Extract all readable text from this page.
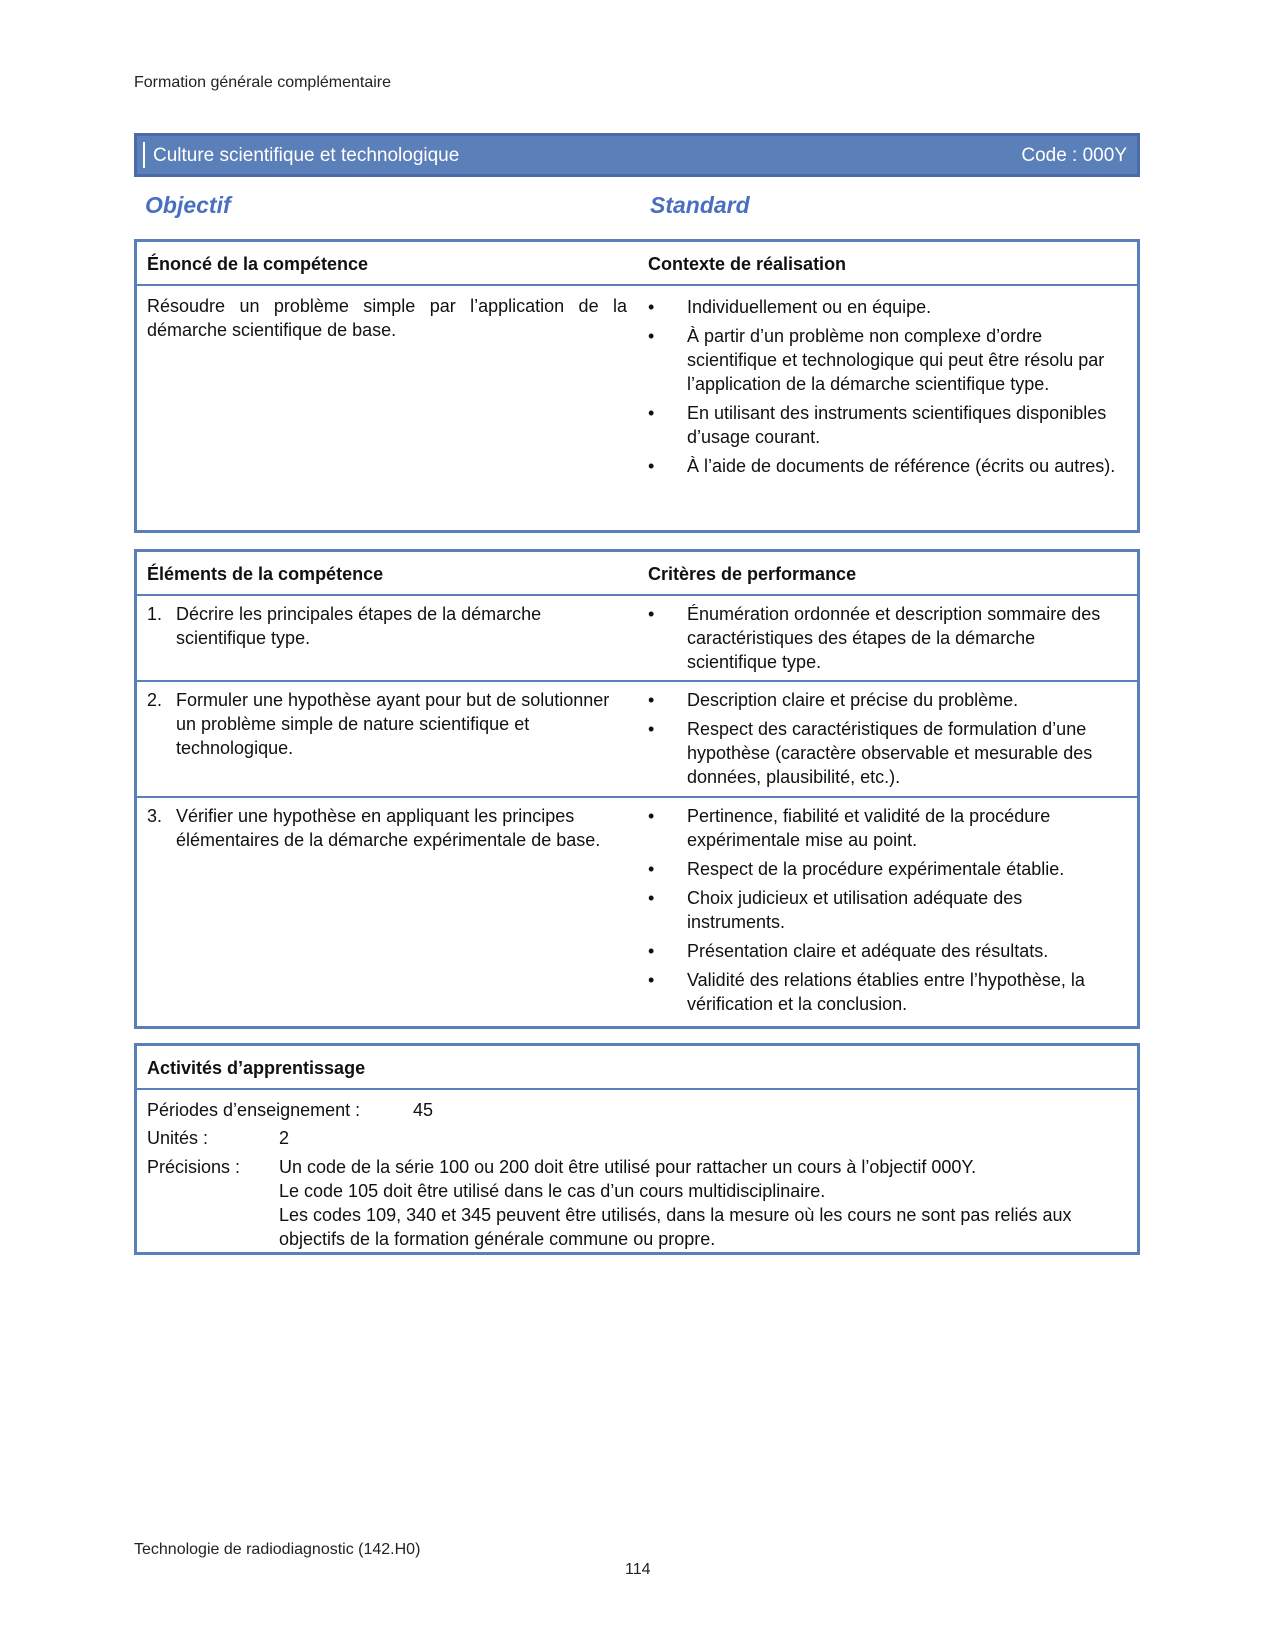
Formation générale complémentaire
Culture scientifique et technologique	Code : 000Y
Objectif	Standard
Énoncé de la compétence	Contexte de réalisation
Résoudre un problème simple par l’application de la démarche scientifique de base.
• Individuellement ou en équipe.
• À partir d’un problème non complexe d’ordre scientifique et technologique qui peut être résolu par l’application de la démarche scientifique type.
• En utilisant des instruments scientifiques disponibles d’usage courant.
• À l’aide de documents de référence (écrits ou autres).
Éléments de la compétence	Critères de performance
1. Décrire les principales étapes de la démarche scientifique type.
• Énumération ordonnée et description sommaire des caractéristiques des étapes de la démarche scientifique type.
2. Formuler une hypothèse ayant pour but de solutionner un problème simple de nature scientifique et technologique.
• Description claire et précise du problème.
• Respect des caractéristiques de formulation d’une hypothèse (caractère observable et mesurable des données, plausibilité, etc.).
3. Vérifier une hypothèse en appliquant les principes élémentaires de la démarche expérimentale de base.
• Pertinence, fiabilité et validité de la procédure expérimentale mise au point.
• Respect de la procédure expérimentale établie.
• Choix judicieux et utilisation adéquate des instruments.
• Présentation claire et adéquate des résultats.
• Validité des relations établies entre l’hypothèse, la vérification et la conclusion.
Activités d’apprentissage
Périodes d’enseignement :	45
Unités :	2
Précisions : Un code de la série 100 ou 200 doit être utilisé pour rattacher un cours à l’objectif 000Y.
Le code 105 doit être utilisé dans le cas d’un cours multidisciplinaire.
Les codes 109, 340 et 345 peuvent être utilisés, dans la mesure où les cours ne sont pas reliés aux objectifs de la formation générale commune ou propre.
Technologie de radiodiagnostic (142.H0)
114
